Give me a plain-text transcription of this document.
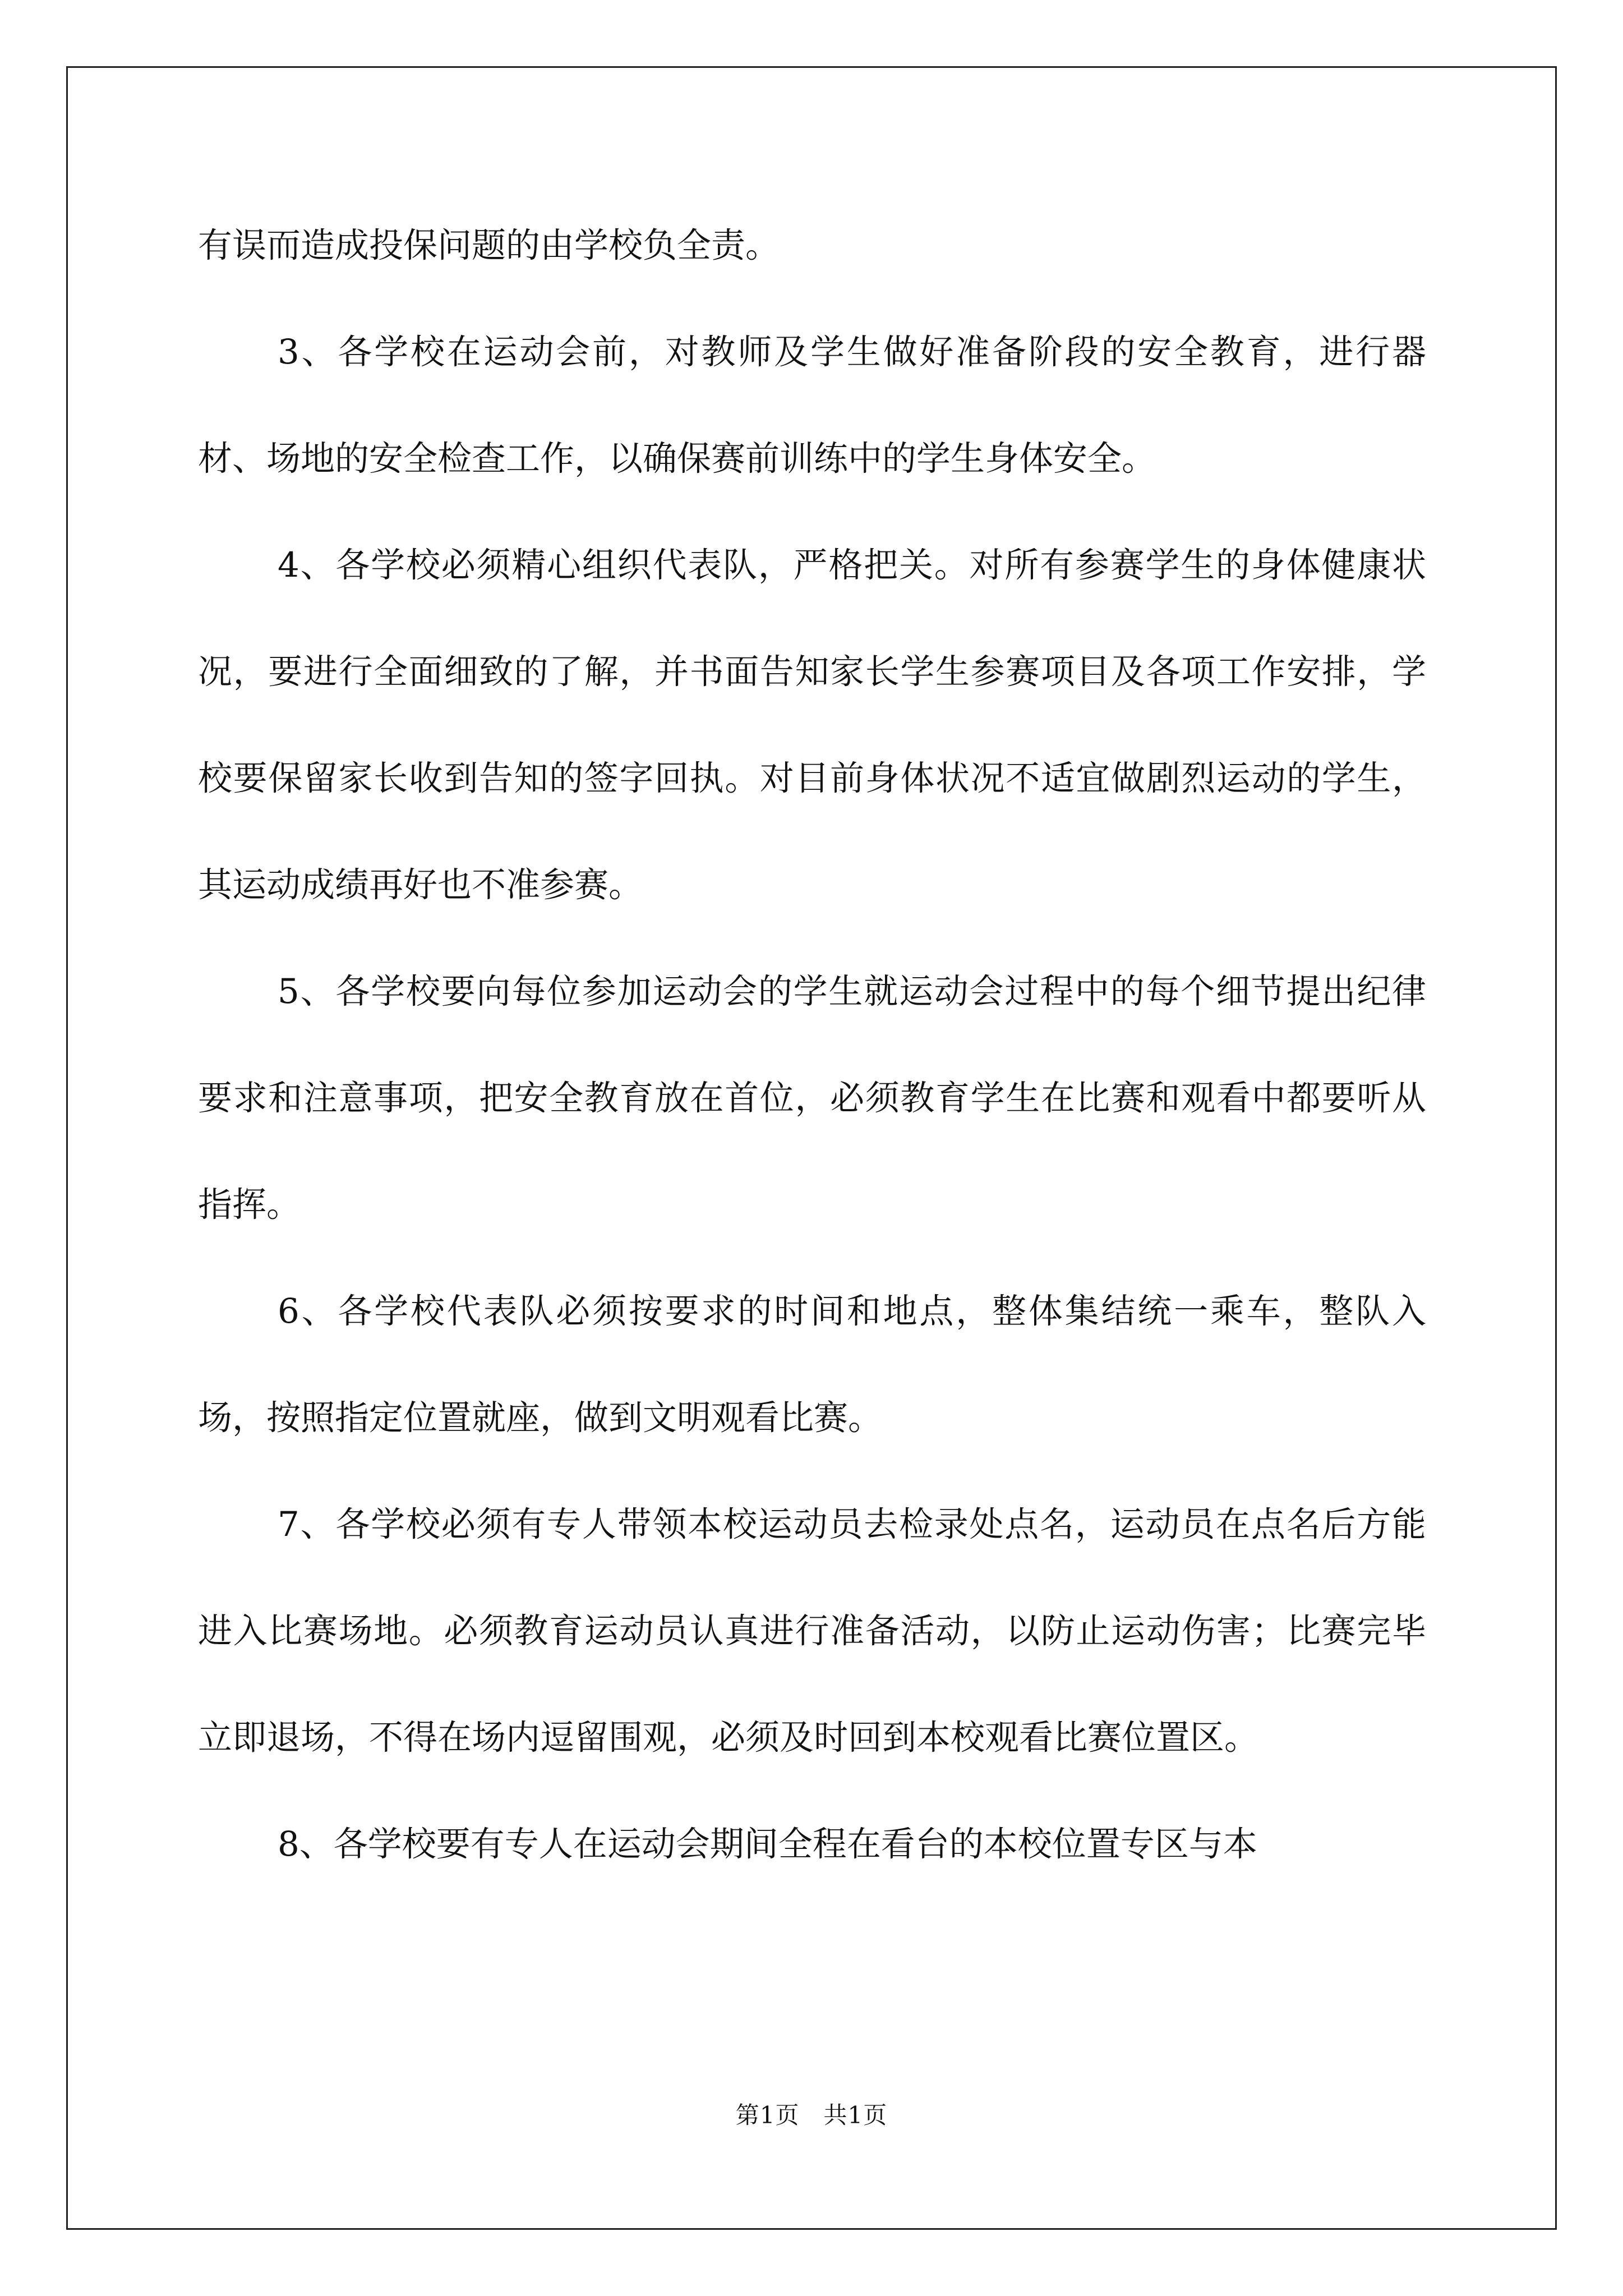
有误而造成投保问题的由学校负全责。

3、各学校在运动会前，对教师及学生做好准备阶段的安全教育，进行器材、场地的安全检查工作，以确保赛前训练中的学生身体安全。

4、各学校必须精心组织代表队，严格把关。对所有参赛学生的身体健康状况，要进行全面细致的了解，并书面告知家长学生参赛项目及各项工作安排，学校要保留家长收到告知的签字回执。对目前身体状况不适宜做剧烈运动的学生，其运动成绩再好也不准参赛。

5、各学校要向每位参加运动会的学生就运动会过程中的每个细节提出纪律要求和注意事项，把安全教育放在首位，必须教育学生在比赛和观看中都要听从指挥。

6、各学校代表队必须按要求的时间和地点，整体集结统一乘车，整队入场，按照指定位置就座，做到文明观看比赛。

7、各学校必须有专人带领本校运动员去检录处点名，运动员在点名后方能进入比赛场地。必须教育运动员认真进行准备活动，以防止运动伤害；比赛完毕立即退场，不得在场内逗留围观，必须及时回到本校观看比赛位置区。

8、各学校要有专人在运动会期间全程在看台的本校位置专区与本

第1页　共1页
